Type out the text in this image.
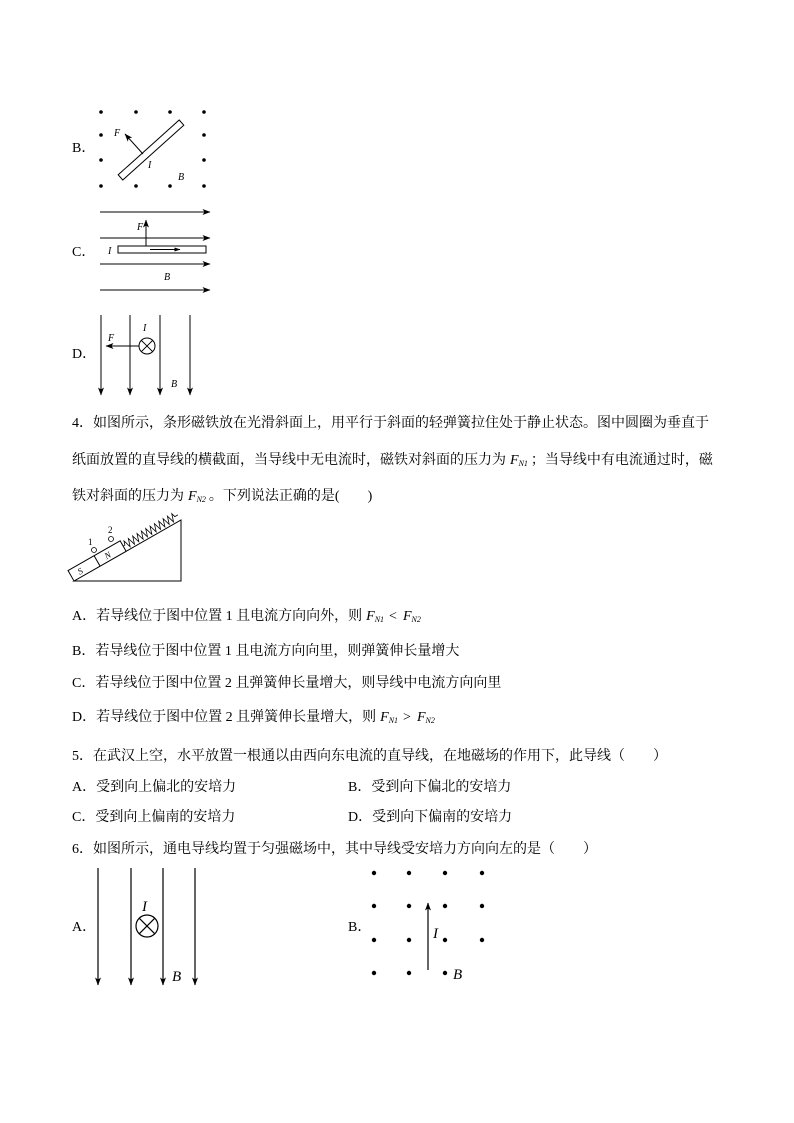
F
I
B
F
I
B
I
F
B
S
N
1
2
I
B
I
B
B．
C．
D．
4．如图所示，条形磁铁放在光滑斜面上，用平行于斜面的轻弹簧拉住处于静止状态。图中圆圈为垂直于
纸面放置的直导线的横截面，当导线中无电流时，磁铁对斜面的压力为 $F_{N1}$ ；当导线中有电流通过时，磁
铁对斜面的压力为 $F_{N2}$ 。下列说法正确的是(　　)
A．若导线位于图中位置 1 且电流方向向外，则 $F_{N1} < F_{N2}$
B．若导线位于图中位置 1 且电流方向向里，则弹簧伸长量增大
C．若导线位于图中位置 2 且弹簧伸长量增大，则导线中电流方向向里
D．若导线位于图中位置 2 且弹簧伸长量增大，则 $F_{N1} > F_{N2}$
5．在武汉上空，水平放置一根通以由西向东电流的直导线，在地磁场的作用下，此导线（　　）
A．受到向上偏北的安培力	B．受到向下偏北的安培力
C．受到向上偏南的安培力	D．受到向下偏南的安培力
6．如图所示，通电导线均置于匀强磁场中，其中导线受安培力方向向左的是（　　）
A．	B．
